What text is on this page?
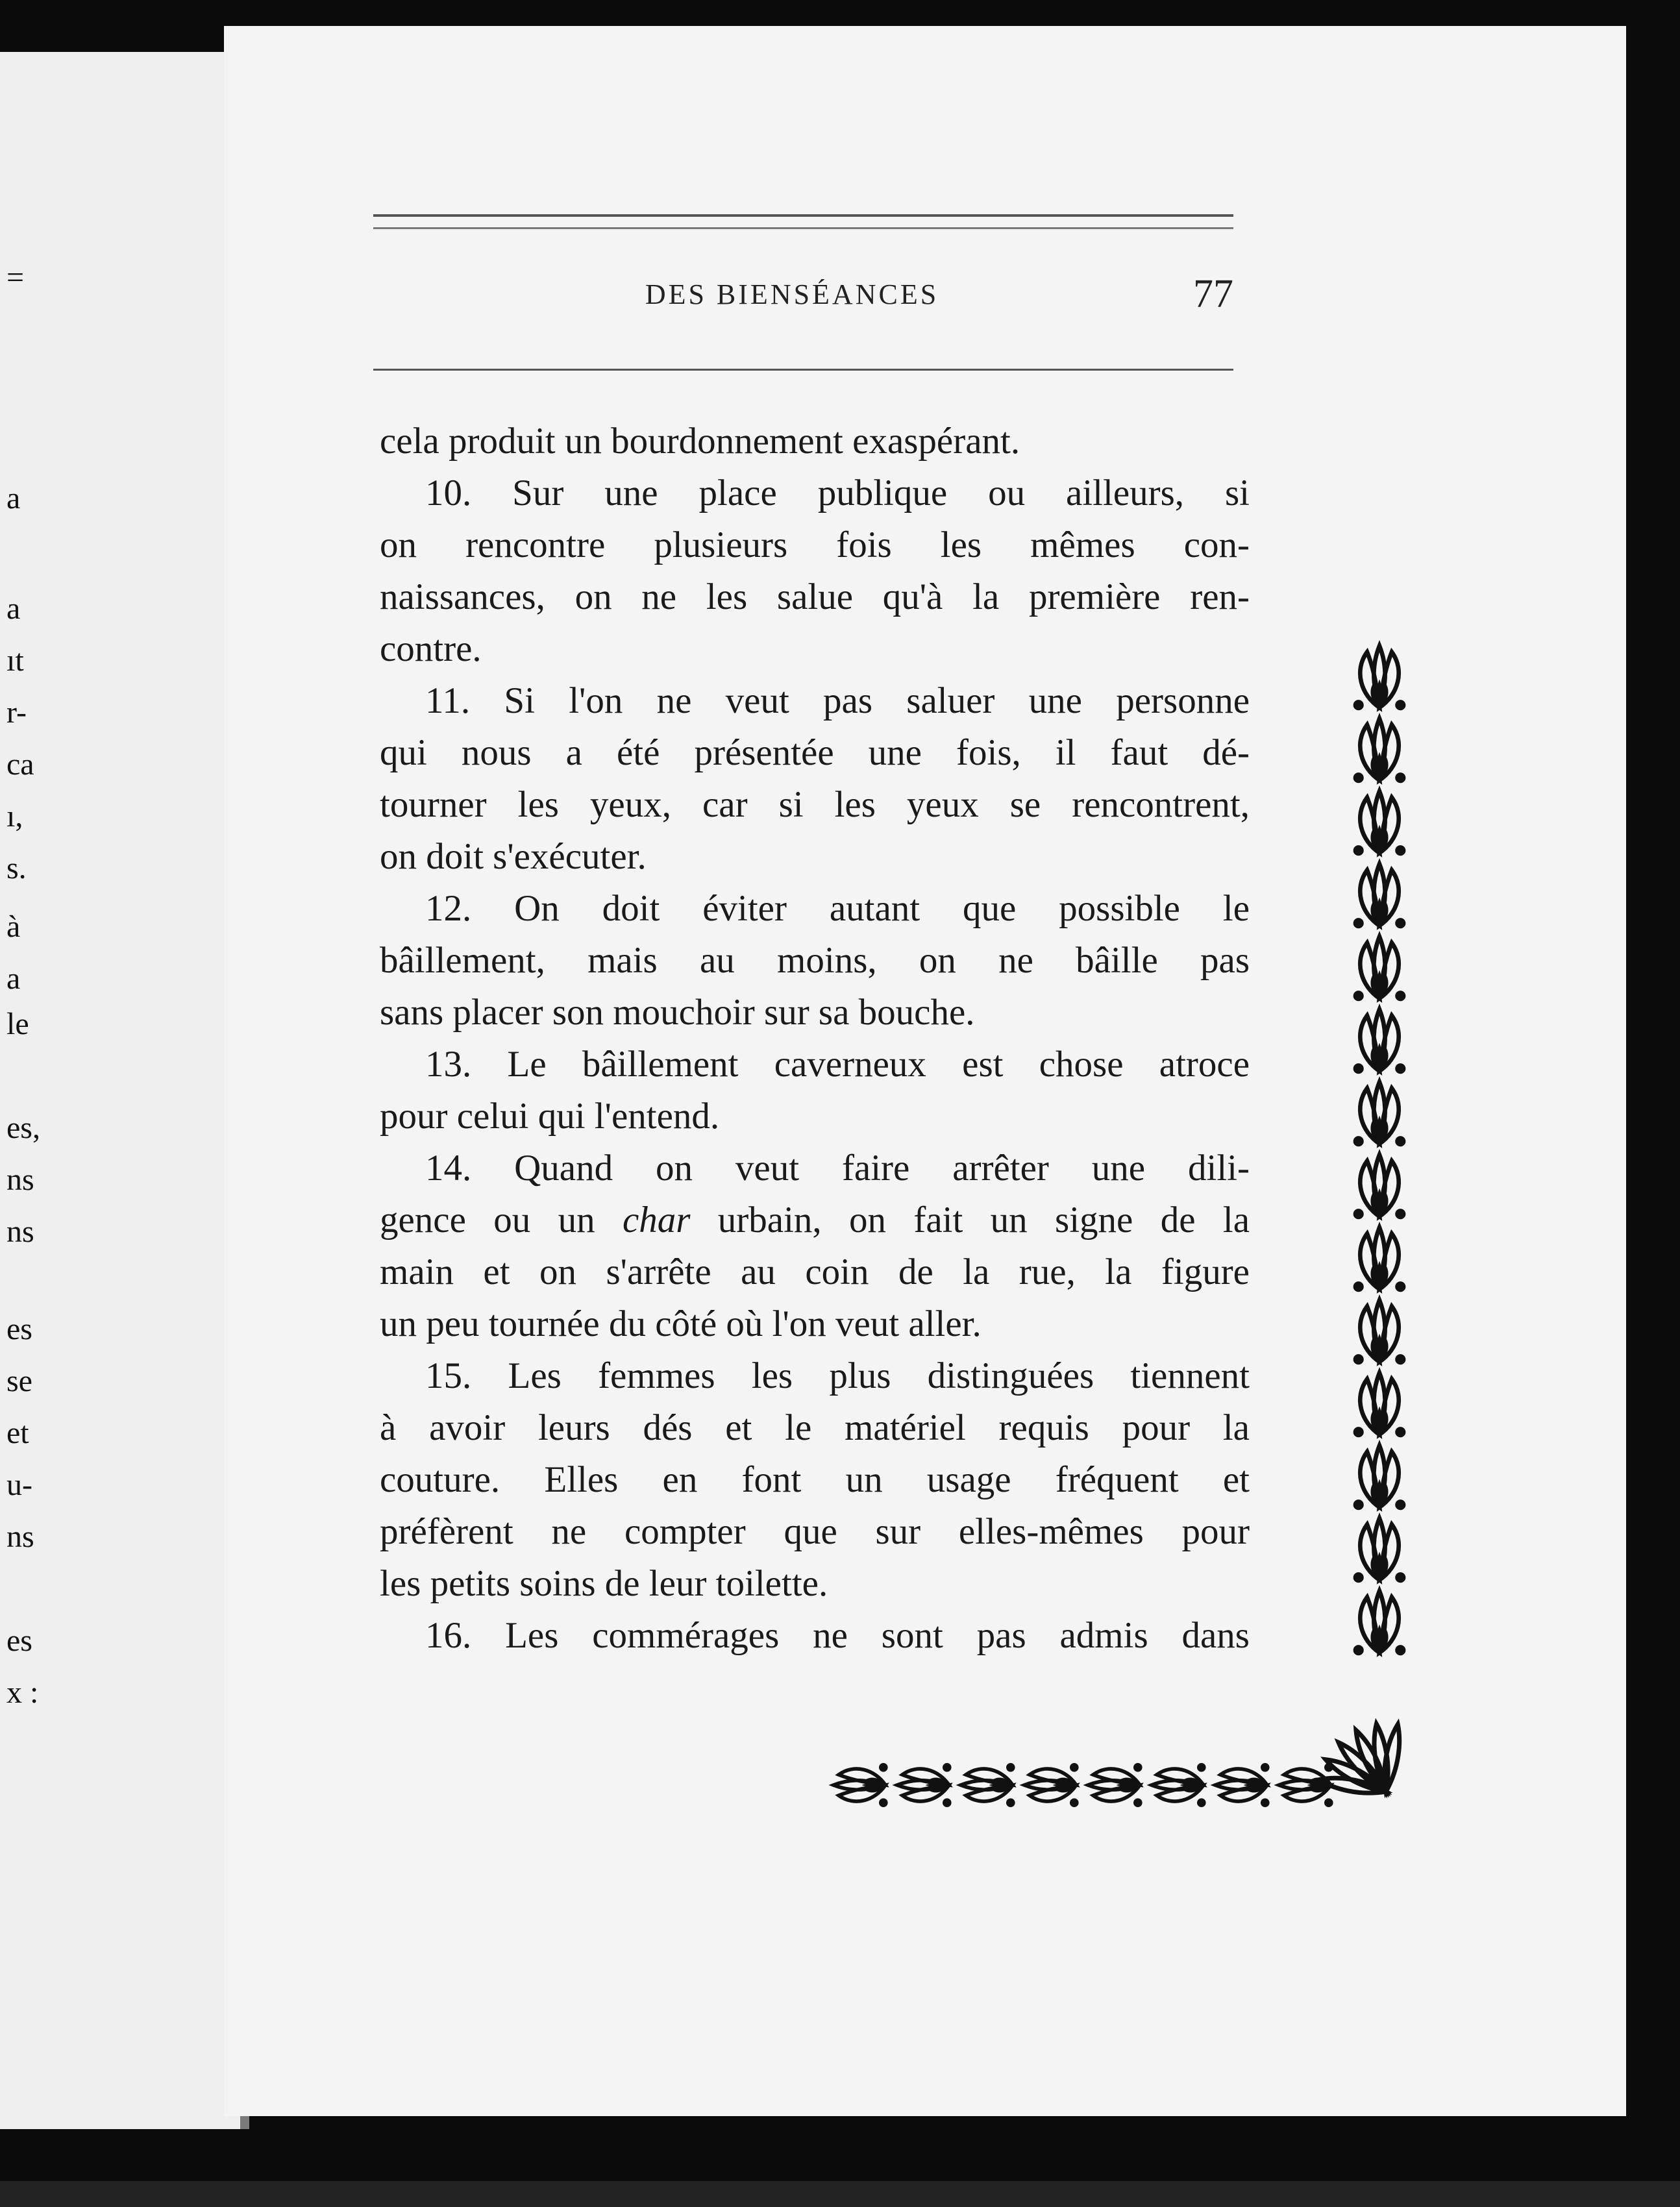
=
a
a
ıt
r-
ca
ı,
s.
à
a
le
es,
ns
ns
es
se
et
u-
ns
es
x :
DES BIENSÉANCES	77
cela produit un bourdonnement exaspérant.
10. Sur une place publique ou ailleurs, si
on rencontre plusieurs fois les mêmes con-
naissances, on ne les salue qu'à la première ren-
contre.
11. Si l'on ne veut pas saluer une personne
qui nous a été présentée une fois, il faut dé-
tourner les yeux, car si les yeux se rencontrent,
on doit s'exécuter.
12. On doit éviter autant que possible le
bâillement, mais au moins, on ne bâille pas
sans placer son mouchoir sur sa bouche.
13. Le bâillement caverneux est chose atroce
pour celui qui l'entend.
14. Quand on veut faire arrêter une dili-
gence ou un char urbain, on fait un signe de la
main et on s'arrête au coin de la rue, la figure
un peu tournée du côté où l'on veut aller.
15. Les femmes les plus distinguées tiennent
à avoir leurs dés et le matériel requis pour la
couture. Elles en font un usage fréquent et
préfèrent ne compter que sur elles-mêmes pour
les petits soins de leur toilette.
16. Les commérages ne sont pas admis dans
